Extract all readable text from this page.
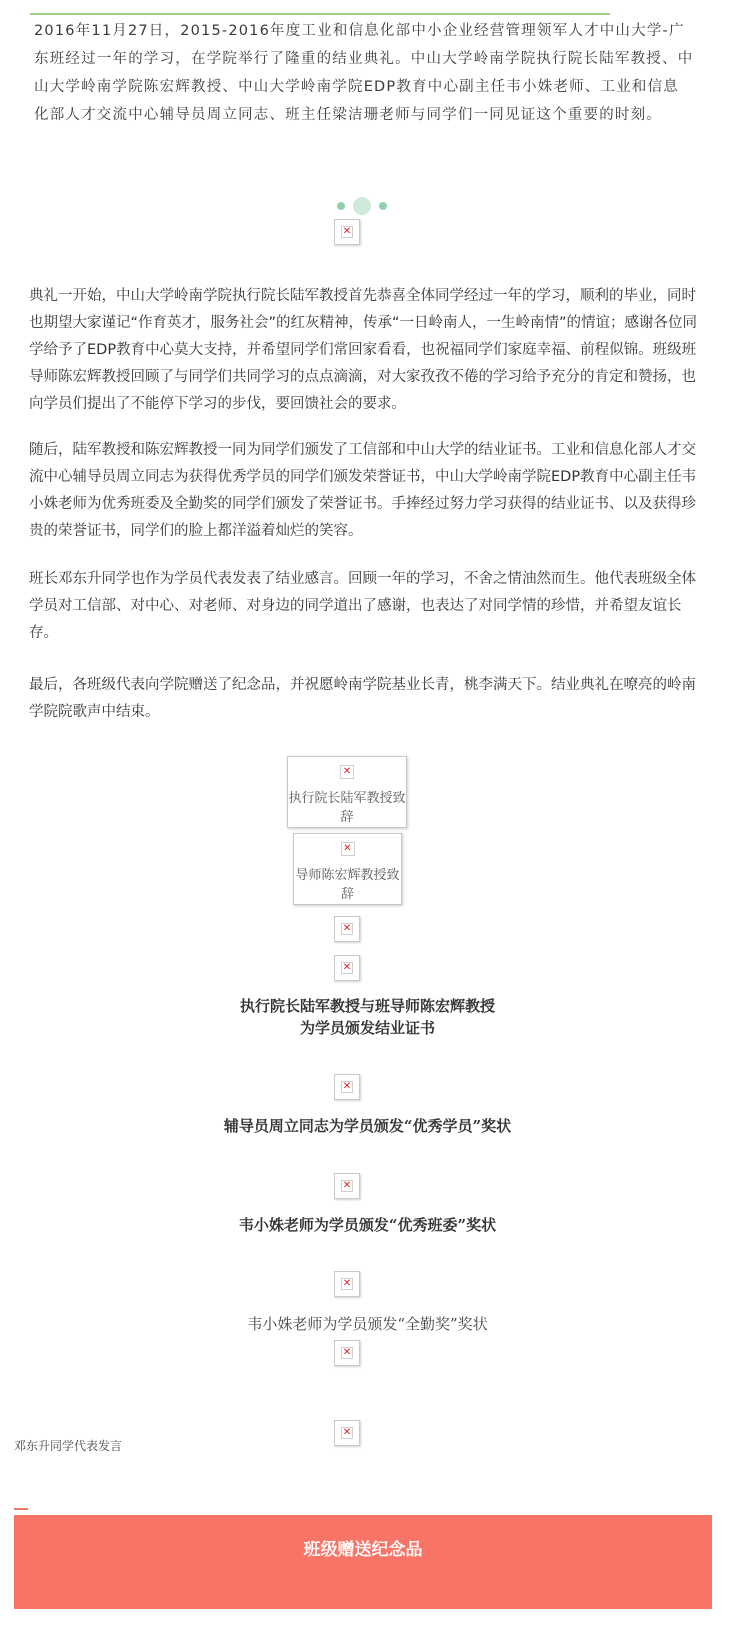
2016年11月27日，2015-2016年度工业和信息化部中小企业经营管理领军人才中山大学-广东班经过一年的学习，在学院举行了隆重的结业典礼。中山大学岭南学院执行院长陆军教授、中山大学岭南学院陈宏辉教授、中山大学岭南学院EDP教育中心副主任韦小姝老师、工业和信息化部人才交流中心辅导员周立同志、班主任梁洁珊老师与同学们一同见证这个重要的时刻。

✕

典礼一开始，中山大学岭南学院执行院长陆军教授首先恭喜全体同学经过一年的学习，顺利的毕业，同时也期望大家谨记“作育英才，服务社会”的红灰精神，传承“一日岭南人，一生岭南情”的情谊；感谢各位同学给予了EDP教育中心莫大支持，并希望同学们常回家看看，也祝福同学们家庭幸福、前程似锦。班级班导师陈宏辉教授回顾了与同学们共同学习的点点滴滴，对大家孜孜不倦的学习给予充分的肯定和赞扬，也向学员们提出了不能停下学习的步伐，要回馈社会的要求。

随后，陆军教授和陈宏辉教授一同为同学们颁发了工信部和中山大学的结业证书。工业和信息化部人才交流中心辅导员周立同志为获得优秀学员的同学们颁发荣誉证书，中山大学岭南学院EDP教育中心副主任韦小姝老师为优秀班委及全勤奖的同学们颁发了荣誉证书。手捧经过努力学习获得的结业证书、以及获得珍贵的荣誉证书，同学们的脸上都洋溢着灿烂的笑容。

班长邓东升同学也作为学员代表发表了结业感言。回顾一年的学习，不舍之情油然而生。他代表班级全体学员对工信部、对中心、对老师、对身边的同学道出了感谢，也表达了对同学情的珍惜，并希望友谊长存。

最后，各班级代表向学院赠送了纪念品，并祝愿岭南学院基业长青，桃李满天下。结业典礼在嘹亮的岭南学院院歌声中结束。

✕
执行院长陆军教授致辞
✕
导师陈宏辉教授致辞
✕
✕

执行院长陆军教授与班导师陈宏辉教授

为学员颁发结业证书

✕

辅导员周立同志为学员颁发“优秀学员”奖状

✕

韦小姝老师为学员颁发“优秀班委”奖状

✕

韦小姝老师为学员颁发“全勤奖”奖状

✕
邓东升同学代表发言
✕
班级赠送纪念品
